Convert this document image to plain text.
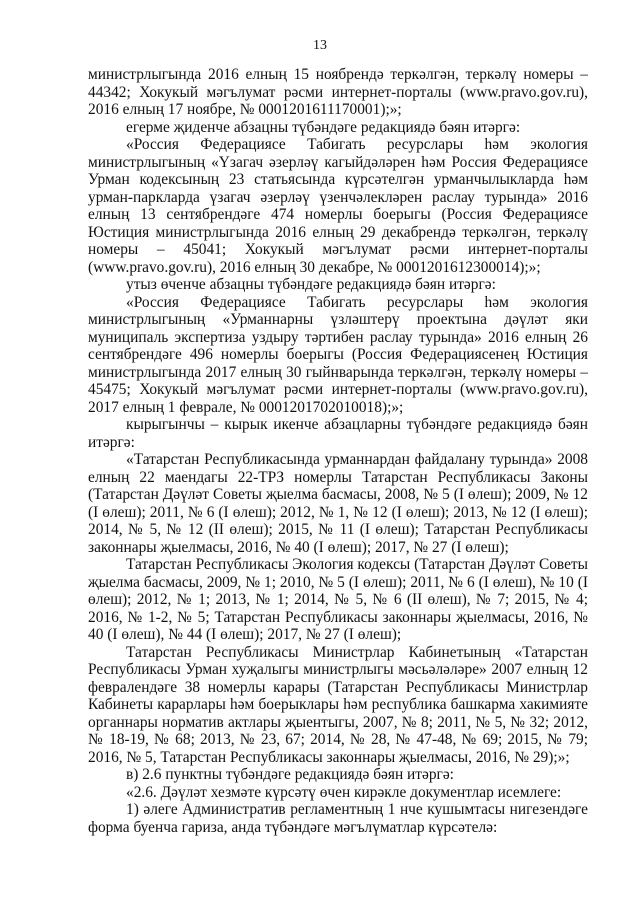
13

министрлыгында 2016 елның 15 ноябрендә теркәлгән, теркәлү номеры – 44342; Хокукый мәгълумат рәсми интернет-порталы (www.pravo.gov.ru), 2016 елның 17 ноябре, № 0001201611170001);»;

егерме җиденче абзацны түбәндәге редакциядә бәян итәргә:

«Россия Федерациясе Табигать ресурслары һәм экология министрлыгының «Үзагач әзерләү кагыйдәләрен һәм Россия Федерациясе Урман кодексының 23 статьясында күрсәтелгән урманчылыкларда һәм урман-паркларда үзагач әзерләү үзенчәлекләрен раслау турында» 2016 елның 13 сентябрендәге 474 номерлы боерыгы (Россия Федерациясе Юстиция министрлыгында 2016 елның 29 декабрендә теркәлгән, теркәлү номеры – 45041; Хокукый мәгълумат рәсми интернет-порталы (www.pravo.gov.ru), 2016 елның 30 декабре, № 0001201612300014);»;

утыз өченче абзацны түбәндәге редакциядә бәян итәргә:

«Россия Федерациясе Табигать ресурслары һәм экология министрлыгының «Урманнарны үзләштерү проектына дәүләт яки муниципаль экспертиза уздыру тәртибен раслау турында» 2016 елның 26 сентябрендәге 496 номерлы боерыгы (Россия Федерациясенең Юстиция министрлыгында 2017 елның 30 гыйнварында теркәлгән, теркәлү номеры – 45475; Хокукый мәгълумат рәсми интернет-порталы (www.pravo.gov.ru), 2017 елның 1 феврале, № 0001201702010018);»;

кырыгынчы – кырык икенче абзацларны түбәндәге редакциядә бәян итәргә:

«Татарстан Республикасында урманнардан файдалану турында» 2008 елның 22 маендагы 22-ТРЗ номерлы Татарстан Республикасы Законы (Татарстан Дәүләт Советы җыелма басмасы, 2008, № 5 (I өлеш); 2009, № 12 (I өлеш); 2011, № 6 (I өлеш); 2012, № 1, № 12 (I өлеш); 2013, № 12 (I өлеш); 2014, № 5, № 12 (II өлеш); 2015, № 11 (I өлеш); Татарстан Республикасы законнары җыелмасы, 2016, № 40 (I өлеш); 2017, № 27 (I өлеш);

Татарстан Республикасы Экология кодексы (Татарстан Дәүләт Советы җыелма басмасы, 2009, № 1; 2010, № 5 (I өлеш); 2011, № 6 (I өлеш), № 10 (I өлеш); 2012, № 1; 2013, № 1; 2014, № 5, № 6 (II өлеш), № 7; 2015, № 4; 2016, № 1-2, № 5; Татарстан Республикасы законнары җыелмасы, 2016, № 40 (I өлеш), № 44 (I өлеш); 2017, № 27 (I өлеш);

Татарстан Республикасы Министрлар Кабинетының «Татарстан Республикасы Урман хуҗалыгы министрлыгы мәсьәләләре» 2007 елның 12 февралендәге 38 номерлы карары (Татарстан Республикасы Министрлар Кабинеты карарлары һәм боерыклары һәм республика башкарма хакимияте органнары норматив актлары җыентыгы, 2007, № 8; 2011, № 5, № 32; 2012, № 18-19, № 68; 2013, № 23, 67; 2014, № 28, № 47-48, № 69; 2015, № 79; 2016, № 5, Татарстан Республикасы законнары җыелмасы, 2016, № 29);»;

в) 2.6 пунктны түбәндәге редакциядә бәян итәргә:

«2.6. Дәүләт хезмәте күрсәтү өчен кирәкле документлар исемлеге:

1) әлеге Административ регламентның 1 нче кушымтасы нигезендәге форма буенча гариза, анда түбәндәге мәгълүматлар күрсәтелә:
